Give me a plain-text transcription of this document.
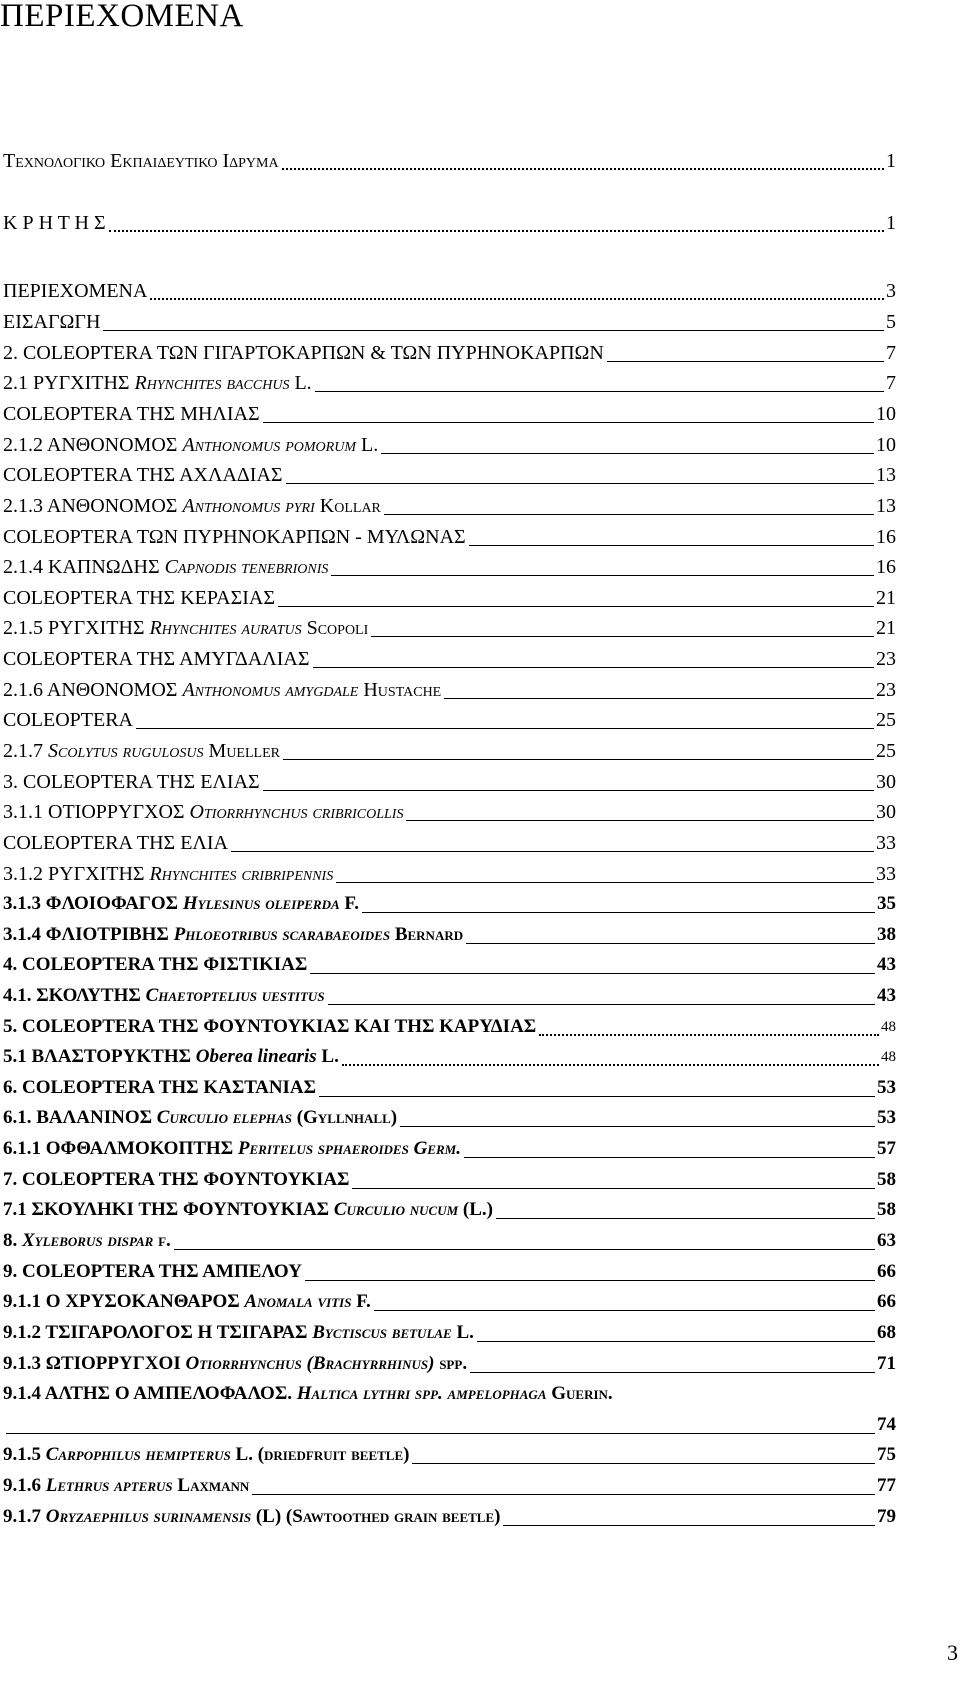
ΠΕΡΙΕΧΟΜΕΝΑ
Τεχνολογικο Εκπαιδευτικο Ιδρυμα	1
Κ Ρ Η Τ Η Σ	1
ΠΕΡΙΕΧΟΜΕΝΑ	3
ΕΙΣΑΓΩΓΗ	5
2. COLEOPTERA ΤΩΝ ΓΙΓΑΡΤΟΚΑΡΠΩΝ & ΤΩΝ ΠΥΡΗΝΟΚΑΡΠΩΝ	7
2.1 ΡΥΓΧΙΤΗΣ Rhynchites bacchus L.	7
COLEOPTERA ΤΗΣ ΜΗΛΙΑΣ	10
2.1.2 ΑΝΘΟΝΟΜΟΣ Anthonomus pomorum L.	10
COLEOPTERA ΤΗΣ ΑΧΛΑΔΙΑΣ	13
2.1.3 ΑΝΘΟΝΟΜΟΣ Anthonomus pyri Kollar	13
COLEOPTERA ΤΩΝ ΠΥΡΗΝΟΚΑΡΠΩΝ - ΜΥΛΩΝΑΣ	16
2.1.4 ΚΑΠΝΩΔΗΣ Capnodis tenebrionis	16
COLEOPTERA ΤΗΣ ΚΕΡΑΣΙΑΣ	21
2.1.5 ΡΥΓΧΙΤΗΣ Rhynchites auratus Scopoli	21
COLEOPTERA ΤΗΣ ΑΜΥΓΔΑΛΙΑΣ	23
2.1.6 ΑΝΘΟΝΟΜΟΣ Anthonomus amygdale Hustache	23
COLEOPTERA	25
2.1.7 Scolytus rugulosus Mueller	25
3. COLEOPTERA ΤΗΣ ΕΛΙΑΣ	30
3.1.1 ΟΤΙΟΡΡΥΓΧΟΣ Otiorrhynchus cribricollis	30
COLEOPTERA ΤΗΣ ΕΛΙΑ	33
3.1.2 ΡΥΓΧΙΤΗΣ Rhynchites cribripennis	33
3.1.3 ΦΛΟΙΟΦΑΓΟΣ Hylesinus oleiperda F.	35
3.1.4 ΦΛΙΟΤΡΙΒΗΣ Phloeotribus scarabaeoides Bernard	38
4. COLEOPTERA ΤΗΣ ΦΙΣΤΙΚΙΑΣ	43
4.1. ΣΚΟΛΥΤΗΣ Chaetoptelius uestitus	43
5. COLEOPTERA ΤΗΣ ΦΟΥΝΤΟΥΚΙΑΣ ΚΑΙ ΤΗΣ ΚΑΡΥΔΙΑΣ	48
5.1 ΒΛΑΣΤΟΡΥΚΤΗΣ Oberea linearis L.	48
6. COLEOPTERA ΤΗΣ ΚΑΣΤΑΝΙΑΣ	53
6.1. ΒΑΛΑΝΙΝΟΣ Curculio elephas (Gyllnhall)	53
6.1.1 ΟΦΘΑΛΜΟΚΟΠΤΗΣ Peritelus sphaeroides Germ.	57
7. COLEOPTERA ΤΗΣ ΦΟΥΝΤΟΥΚΙΑΣ	58
7.1 ΣΚΟΥΛΗΚΙ ΤΗΣ ΦΟΥΝΤΟΥΚΙΑΣ Curculio nucum (L.)	58
8. Xyleborus dispar f.	63
9. COLEOPTERA ΤΗΣ ΑΜΠΕΛΟΥ	66
9.1.1 Ο ΧΡΥΣΟΚΑΝΘΑΡΟΣ Anomala vitis F.	66
9.1.2 ΤΣΙΓΑΡΟΛΟΓΟΣ Η ΤΣΙΓΑΡΑΣ Byctiscus betulae L.	68
9.1.3 ΩΤΙΟΡΡΥΓΧΟΙ Otiorrhynchus (Brachyrrhinus) spp.	71
9.1.4 ΑΛΤΗΣ Ο ΑΜΠΕΛΟΦΑΛΟΣ. Haltica lythri spp. ampelophaga Guerin.
74
9.1.5 Carpophilus hemipterus L. (driedfruit beetle)	75
9.1.6 Lethrus apterus Laxmann	77
9.1.7 Oryzaephilus surinamensis (L) (Sawtoothed grain beetle)	79
3
